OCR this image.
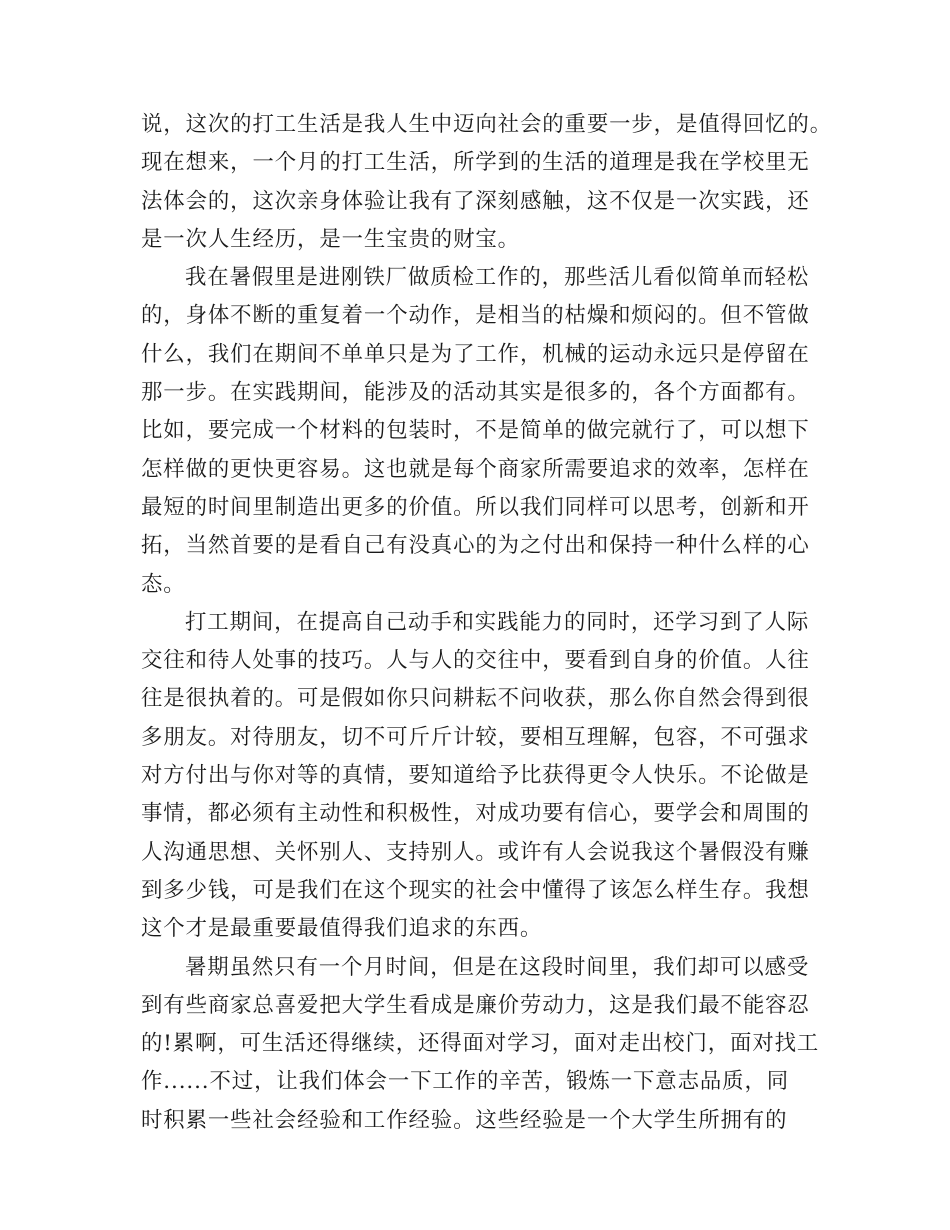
说，这次的打工生活是我人生中迈向社会的重要一步，是值得回忆的。
现在想来，一个月的打工生活，所学到的生活的道理是我在学校里无
法体会的，这次亲身体验让我有了深刻感触，这不仅是一次实践，还
是一次人生经历，是一生宝贵的财宝。
我在暑假里是进刚铁厂做质检工作的，那些活儿看似简单而轻松
的，身体不断的重复着一个动作，是相当的枯燥和烦闷的。但不管做
什么，我们在期间不单单只是为了工作，机械的运动永远只是停留在
那一步。在实践期间，能涉及的活动其实是很多的，各个方面都有。
比如，要完成一个材料的包装时，不是简单的做完就行了，可以想下
怎样做的更快更容易。这也就是每个商家所需要追求的效率，怎样在
最短的时间里制造出更多的价值。所以我们同样可以思考，创新和开
拓，当然首要的是看自己有没真心的为之付出和保持一种什么样的心
态。
打工期间，在提高自己动手和实践能力的同时，还学习到了人际
交往和待人处事的技巧。人与人的交往中，要看到自身的价值。人往
往是很执着的。可是假如你只问耕耘不问收获，那么你自然会得到很
多朋友。对待朋友，切不可斤斤计较，要相互理解，包容，不可强求
对方付出与你对等的真情，要知道给予比获得更令人快乐。不论做是
事情，都必须有主动性和积极性，对成功要有信心，要学会和周围的
人沟通思想、关怀别人、支持别人。或许有人会说我这个暑假没有赚
到多少钱，可是我们在这个现实的社会中懂得了该怎么样生存。我想
这个才是最重要最值得我们追求的东西。
暑期虽然只有一个月时间，但是在这段时间里，我们却可以感受
到有些商家总喜爱把大学生看成是廉价劳动力，这是我们最不能容忍
的!累啊，可生活还得继续，还得面对学习，面对走出校门，面对找工
作......不过，让我们体会一下工作的辛苦，锻炼一下意志品质，同
时积累一些社会经验和工作经验。这些经验是一个大学生所拥有的
